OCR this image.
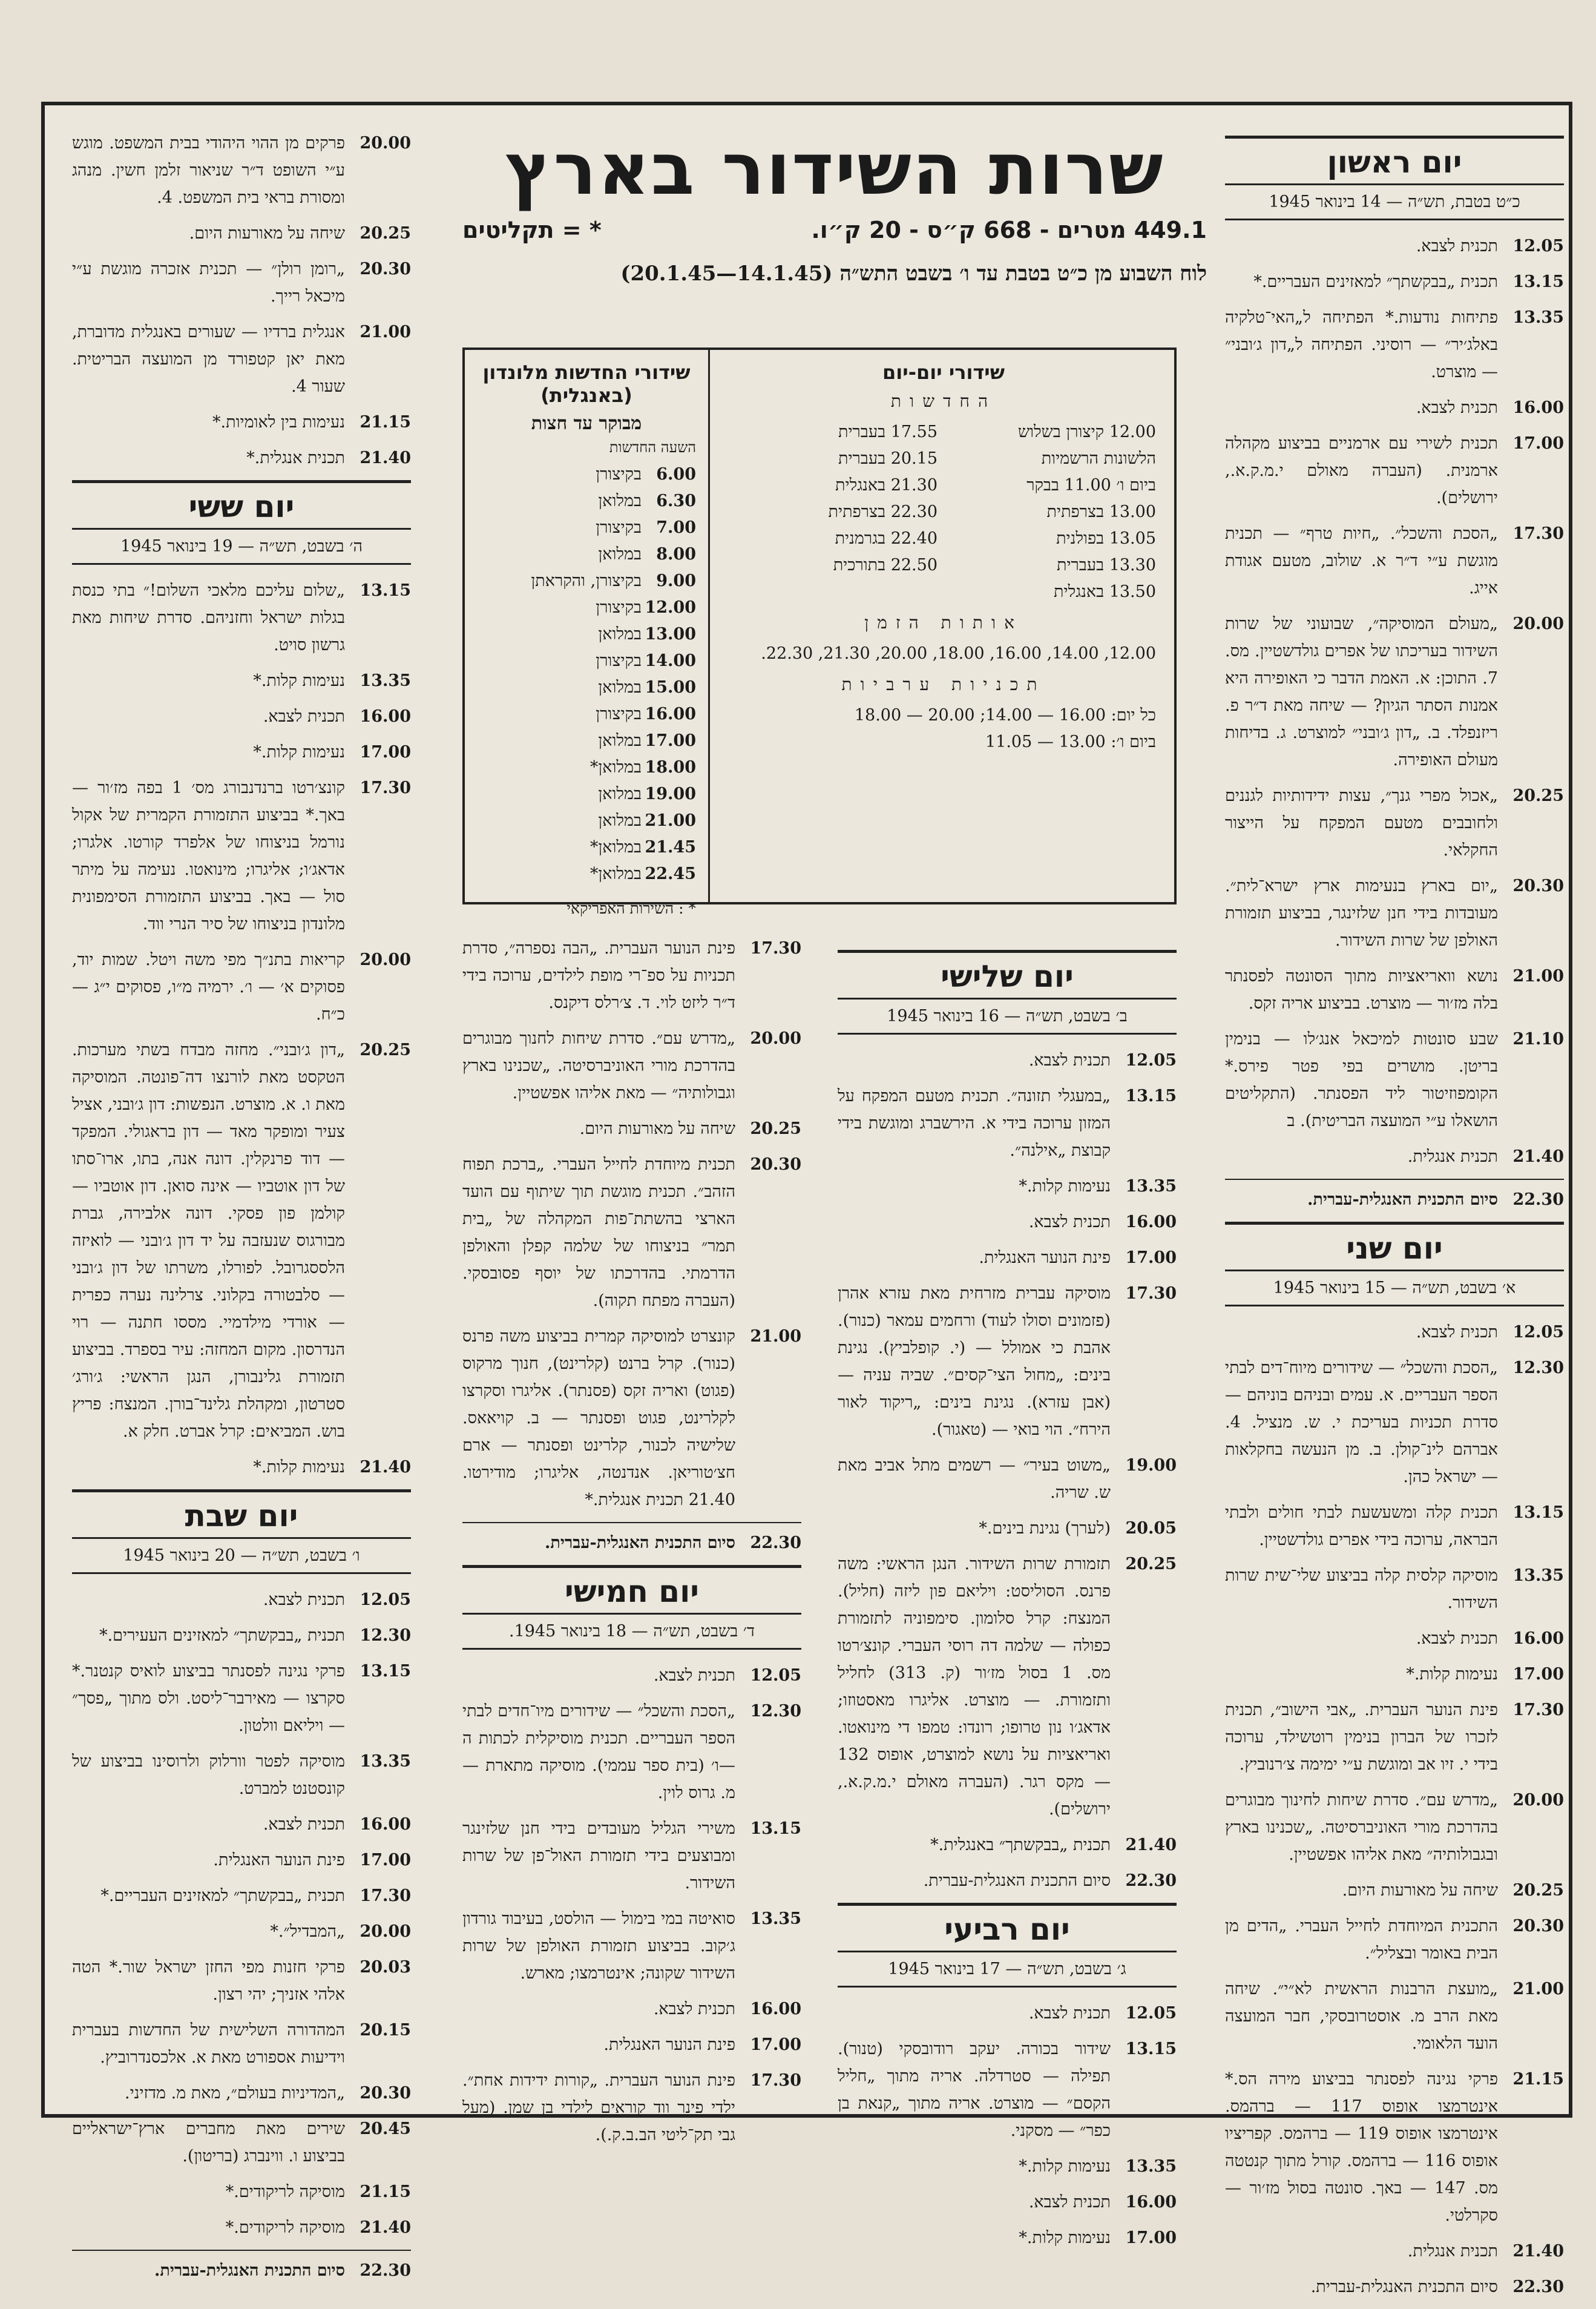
שרות השידור בארץ
449.1 מטרים - 668 ק״ס - 20 ק״ו.
* = תקליטים
לוח השבוע מן כ״ט בטבת עד ו׳ בשבט התש״ה (14.1.45—20.1.45)
שידורי יום-יום
החדשות
12.00 קיצורן בשלוש
17.55 בעברית
הלשונות הרשמיות
20.15 בעברית
ביום ו׳ 11.00 בבקר
21.30 באנגלית
13.00 בצרפתית
22.30 בצרפתית
13.05 בפולנית
22.40 בגרמנית
13.30 בעברית
22.50 בתורכית
13.50 באנגלית
אותות הזמן
12.00, 14.00, 16.00, 18.00, 20.00, 21.30, 22.30.
תכניות ערביות
כל יום: 16.00 — 14.00; 20.00 — 18.00
ביום ו׳: 13.00 — 11.05
שידורי החדשות מלונדון (באנגלית)
מבוקר עד חצות
השעה החדשות
6.00
בקיצורן
6.30
במלואן
7.00
בקיצורן
8.00
במלואן
9.00
בקיצורן, והקראתן
12.00
בקיצורן
13.00
במלואן
14.00
בקיצורן
15.00
במלואן
16.00
בקיצורן
17.00
במלואן
18.00
במלואן*
19.00
במלואן
21.00
במלואן
21.45
במלואן*
22.45
במלואן*
* : השירות האפריקאי
יום ראשון
כ״ט בטבת, תש״ה — 14 בינואר 1945
12.05
תכנית לצבא.
13.15
תכנית „בבקשתך״ למאזינים העבריים.*
13.35
פתיחות נודעות.* הפתיחה ל„האי־טלקיה באלג׳יר״ — רוסיני. הפתיחה ל„דון ג׳ובני״ — מוצרט.
16.00
תכנית לצבא.
17.00
תכנית לשירי עם ארמניים בביצוע מקהלה ארמנית. (העברה מאולם י.מ.ק.א., ירושלים).
17.30
„הסכת והשכל״. „חיות טרף״ — תכנית מוגשת ע״י ד״ר א. שולוב, מטעם אגודת אייג.
20.00
„מעולם המוסיקה״, שבועוני של שרות השידור בעריכתו של אפרים גולדשטיין. מס. 7. התוכן: א. האמת הדבר כי האופירה היא אמנות הסתר הגיון? — שיחה מאת ד״ר פ. ריזנפלד. ב. „דון ג׳ובני״ למוצרט. ג. בדיחות מעולם האופירה.
20.25
„אכול מפרי גנך״, עצות ידידותיות לגננים ולחובבים מטעם המפקח על הייצור החקלאי.
20.30
„יום בארץ בנעימות ארץ ישרא־לית״. מעובדות בידי חנן שלזינגר, בביצוע תזמורת האולפן של שרות השידור.
21.00
נושא וואריאציות מתוך הסונטה לפסנתר בלה מז׳ור — מוצרט. בביצוע אריה זקס.
21.10
שבע סונטות למיכאל אנג׳לו — בנימין בריטן. מושרים בפי פטר פירס.* הקומפוזיטור ליד הפסנתר. (התקליטים הושאלו ע״י המועצה הבריטית). ב
21.40
תכנית אנגלית.
22.30
סיום התכנית האנגלית-עברית.
יום שני
א׳ בשבט, תש״ה — 15 בינואר 1945
12.05
תכנית לצבא.
12.30
„הסכת והשכל״ — שידורים מיוח־דים לבתי הספר העבריים. א. עמים ובניהם בוניהם — סדרת תכניות בעריכת י. ש. מנציל. 4. אברהם לינ־קולן. ב. מן הנעשה בחקלאות — ישראל כהן.
13.15
תכנית קלה ומשעשעת לבתי חולים ולבתי הבראה, ערוכה בידי אפרים גולדשטיין.
13.35
מוסיקה קלסית קלה בביצוע שלי־שית שרות השידור.
16.00
תכנית לצבא.
17.00
נעימות קלות.*
17.30
פינת הנוער העברית. „אבי הישוב״, תכנית לזכרו של הברון בנימין רוטשילד, ערוכה בידי י. זיו אב ומוגשת ע״י ימימה צ׳רנוביץ.
20.00
„מדרש עם״. סדרת שיחות לחינוך מבוגרים בהדרכת מורי האוניברסיטה. „שכנינו בארץ ובגבולותיה״ מאת אליהו אפשטיין.
20.25
שיחה על מאורעות היום.
20.30
התכנית המיוחדת לחייל העברי. „הדים מן הבית באומר ובצליל״.
21.00
„מועצת הרבנות הראשית לא״י״. שיחה מאת הרב מ. אוסטרובסקי, חבר המועצה הועד הלאומי.
21.15
פרקי נגינה לפסנתר בביצוע מירה הס.* אינטרמצו אופוס 117 — ברהמס. אינטרמצו אופוס 119 — ברהמס. קפריציו אופוס 116 — ברהמס. קורל מתוך קנטטה מס. 147 — באך. סונטה בסול מז׳ור — סקרלטי.
21.40
תכנית אנגלית.
22.30
סיום התכנית האנגלית-עברית.
יום שלישי
ב׳ בשבט, תש״ה — 16 בינואר 1945
12.05
תכנית לצבא.
13.15
„במעגלי תזונה״. תכנית מטעם המפקח על המזון ערוכה בידי א. הירשברג ומוגשת בידי קבוצת „אילנה״.
13.35
נעימות קלות.*
16.00
תכנית לצבא.
17.00
פינת הנוער האנגלית.
17.30
מוסיקה עברית מזרחית מאת עזרא אהרן (פזמונים וסולו לעוד) ורחמים עמאר (כנור). אהבת כי אמולל — (י. קופלביץ). נגינת בינים: „מחול הצי־קסים״. שביה עניה — (אבן עזרא). נגינת בינים: „ריקוד לאור הירח״. הוי בואי — (טאגור).
19.00
„משוט בעיר״ — רשמים מתל אביב מאת ש. שריה.
20.05
(לערך) נגינת בינים.*
20.25
תזמורת שרות השידור. הנגן הראשי: משה פרנס. הסוליסט: ויליאם פון ליזה (חליל). המנצח: קרל סלומון. סימפוניה לתזמורת כפולה — שלמה דה רוסי העברי. קונצ׳רטו מס. 1 בסול מז׳ור (ק. 313) לחליל ותזמורת. — מוצרט. אליגרו מאסטוזו; אדאג׳ו נון טרופו; רונדו: טמפו די מינואטו. ואריאציות על נושא למוצרט, אופוס 132 — מקס רגר. (העברה מאולם י.מ.ק.א., ירושלים).
21.40
תכנית „בבקשתך״ באנגלית.*
22.30
סיום התכנית האנגלית-עברית.
יום רביעי
ג׳ בשבט, תש״ה — 17 בינואר 1945
12.05
תכנית לצבא.
13.15
שידור בכורה. יעקב רודובסקי (טנור). תפילה — סטרדלה. אריה מתוך „חליל הקסם״ — מוצרט. אריה מתוך „קנאת בן כפר״ — מסקני.
13.35
נעימות קלות.*
16.00
תכנית לצבא.
17.00
נעימות קלות.*
17.30
פינת הנוער העברית. „הבה נספרה״, סדרת תכניות על ספ־רי מופת לילדים, ערוכה בידי ד״ר ליזט לוי. ד. צ׳רלס דיקנס.
20.00
„מדרש עם״. סדרת שיחות לחנוך מבוגרים בהדרכת מורי האוניברסיטה. „שכנינו בארץ וגבולותיה״ — מאת אליהו אפשטיין.
20.25
שיחה על מאורעות היום.
20.30
תכנית מיוחדת לחייל העברי. „ברכת תפוח הזהב״. תכנית מוגשת תוך שיתוף עם הועד הארצי בהשתת־פות המקהלה של „בית תמר״ בניצוחו של שלמה קפלן והאולפן הדרמתי. בהדרכתו של יוסף פסובסקי. (העברה מפתח תקוה).
21.00
קונצרט למוסיקה קמרית בביצוע משה פרנס (כנור). קרל ברנט (קלרינט), חנוך מרקוס (פגוט) ואריה זקס (פסנתר). אליגרו וסקרצו לקלרינט, פגוט ופסנתר — ב. קויאאס. שלישיה לכנור, קלרינט ופסנתר — ארם חצ׳טוריאן. אנדנטה, אליגרו; מודירטו. 21.40 תכנית אנגלית.*
22.30
סיום התכנית האנגלית-עברית.
יום חמישי
ד׳ בשבט, תש״ה — 18 בינואר 1945.
12.05
תכנית לצבא.
12.30
„הסכת והשכל״ — שידורים מיו־חדים לבתי הספר העבריים. תכנית מוסיקלית לכתות ה—ו׳ (בית ספר עממי). מוסיקה מתארת — מ. גרוס לוין.
13.15
משירי הגליל מעובדים בידי חנן שלזינגר ומבוצעים בידי תזמורת האול־פן של שרות השידור.
13.35
סואיטה במי בימול — הולסט, בעיבוד גורדון ג׳קוב. בביצוע תזמורת האולפן של שרות השידור שקונה; אינטרמצו; מארש.
16.00
תכנית לצבא.
17.00
פינת הנוער האנגלית.
17.30
פינת הנוער העברית. „קורות ידידות אחת״. ילדי פינר ווד קוראים לילדי בן שמן. (מעל גבי תק־ליטי הב.ב.ק.).
20.00
פרקים מן ההוי היהודי בבית המשפט. מוגש ע״י השופט ד״ר שניאור זלמן חשין. מנהג ומסורת בראי בית המשפט. 4.
20.25
שיחה על מאורעות היום.
20.30
„רומן רולן״ — תכנית אזכרה מוגשת ע״י מיכאל רייך.
21.00
אנגלית ברדיו — שעורים באנגלית מדוברת, מאת יאן קטפורד מן המועצה הבריטית. שעור 4.
21.15
נעימות בין לאומיות.*
21.40
תכנית אנגלית.*
יום ששי
ה׳ בשבט, תש״ה — 19 בינואר 1945
13.15
„שלום עליכם מלאכי השלום!״ בתי כנסת בגלות ישראל וחזניהם. סדרת שיחות מאת גרשון סויט.
13.35
נעימות קלות.*
16.00
תכנית לצבא.
17.00
נעימות קלות.*
17.30
קונצ׳רטו ברנדנבורג מס׳ 1 בפה מז׳ור — באך.* בביצוע התזמורת הקמרית של אקול נורמל בניצוחו של אלפרד קורטו. אלגרו; אדאג׳ו; אליגרו; מינואטו. נעימה על מיתר סול — באך. בביצוע התזמורת הסימפונית מלונדון בניצוחו של סיר הנרי ווד.
20.00
קריאות בתנ״ך מפי משה ויטל. שמות יוד, פסוקים א׳ — ו׳. ירמיה מ״ו, פסוקים י״ג — כ״ח.
20.25
„דון ג׳ובני״. מחזה מבדח בשתי מערכות. הטקסט מאת לורנצו דה־פונטה. המוסיקה מאת ו. א. מוצרט. הנפשות: דון ג׳ובני, אציל צעיר ומופקר מאד — דון בראגולי. המפקד — דוד פרנקלין. דונה אנה, בתו, ארו־סתו של דון אוטביו — אינה סואן. דון אוטביו — קולמן פון פסקי. דונה אלבירה, גברת מבורגוס שנעזבה על יד דון ג׳ובני — לואיזה הלססגרובל. לפורלו, משרתו של דון ג׳ובני — סלבטורה בקלוני. צרלינה נערה כפרית — אורדי מילדמיי. מססו חתנה — רוי הנדרסון. מקום המחזה: עיר בספרד. בביצוע תזמורת גלינבורן, הנגן הראשי: ג׳ורג׳ סטרטון, ומקהלת גלינד־בורן. המנצח: פריץ בוש. המביאים: קרל אברט. חלק א.
21.40
נעימות קלות.*
יום שבת
ו׳ בשבט, תש״ה — 20 בינואר 1945
12.05
תכנית לצבא.
12.30
תכנית „בבקשתך״ למאזינים העעירים.*
13.15
פרקי נגינה לפסנתר בביצוע לואיס קנטנר.* סקרצו — מאירבר־ליסט. ולס מתוך „פסך״ — ויליאם וולטון.
13.35
מוסיקה לפטר וורלוק ולרוסינו בביצוע של קונסטנט למברט.
16.00
תכנית לצבא.
17.00
פינת הנוער האנגלית.
17.30
תכנית „בבקשתך״ למאזינים העבריים.*
20.00
„המבדיל״.*
20.03
פרקי חזנות מפי החזן ישראל שור.* הטה אלהי אזניך; יהי רצון.
20.15
המהדורה השלישית של החדשות בעברית וידיעות אספורט מאת א. אלכסנדרוביץ.
20.30
„המדיניות בעולם״, מאת מ. מדזיני.
20.45
שירים מאת מחברים ארץ־ישראליים בביצוע ו. ווינברג (בריטון).
21.15
מוסיקה לריקודים.*
21.40
מוסיקה לריקודים.*
22.30
סיום התכנית האנגלית-עברית.
